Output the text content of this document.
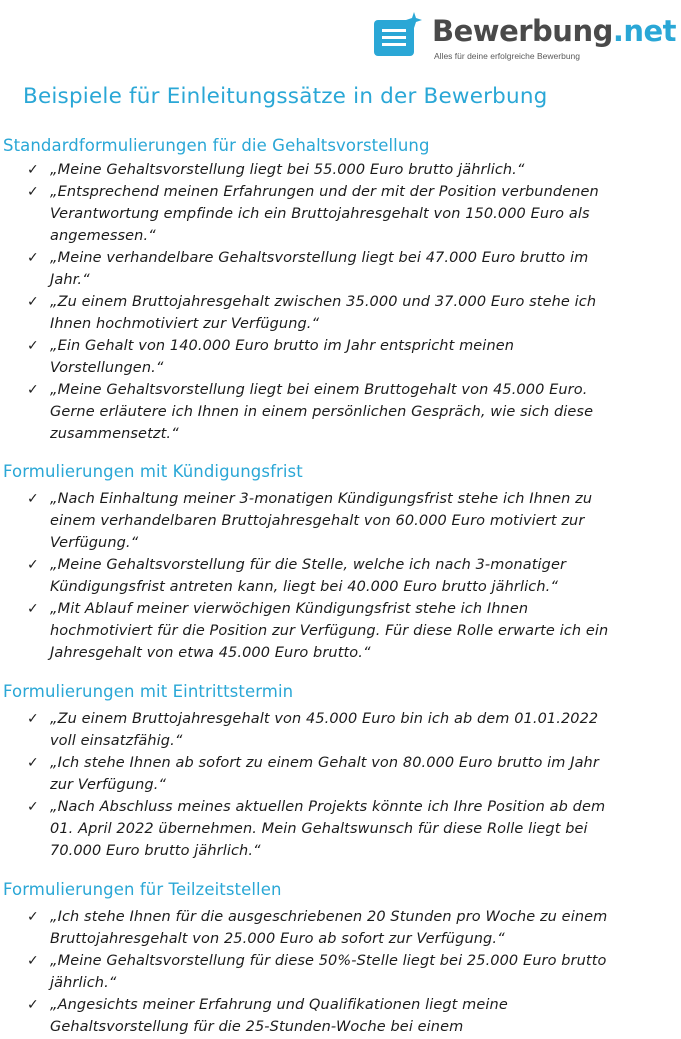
Bewerbung.net
Alles für deine erfolgreiche Bewerbung
Beispiele für Einleitungssätze in der Bewerbung
Standardformulierungen für die Gehaltsvorstellung
✓ „Meine Gehaltsvorstellung liegt bei 55.000 Euro brutto jährlich.“
✓ „Entsprechend meinen Erfahrungen und der mit der Position verbundenen Verantwortung empfinde ich ein Bruttojahresgehalt von 150.000 Euro als angemessen.“
✓ „Meine verhandelbare Gehaltsvorstellung liegt bei 47.000 Euro brutto im Jahr.“
✓ „Zu einem Bruttojahresgehalt zwischen 35.000 und 37.000 Euro stehe ich Ihnen hochmotiviert zur Verfügung.“
✓ „Ein Gehalt von 140.000 Euro brutto im Jahr entspricht meinen Vorstellungen.“
✓ „Meine Gehaltsvorstellung liegt bei einem Bruttogehalt von 45.000 Euro. Gerne erläutere ich Ihnen in einem persönlichen Gespräch, wie sich diese zusammensetzt.“
Formulierungen mit Kündigungsfrist
✓ „Nach Einhaltung meiner 3-monatigen Kündigungsfrist stehe ich Ihnen zu einem verhandelbaren Bruttojahresgehalt von 60.000 Euro motiviert zur Verfügung.“
✓ „Meine Gehaltsvorstellung für die Stelle, welche ich nach 3-monatiger Kündigungsfrist antreten kann, liegt bei 40.000 Euro brutto jährlich.“
✓ „Mit Ablauf meiner vierwöchigen Kündigungsfrist stehe ich Ihnen hochmotiviert für die Position zur Verfügung. Für diese Rolle erwarte ich ein Jahresgehalt von etwa 45.000 Euro brutto.“
Formulierungen mit Eintrittstermin
✓ „Zu einem Bruttojahresgehalt von 45.000 Euro bin ich ab dem 01.01.2022 voll einsatzfähig.“
✓ „Ich stehe Ihnen ab sofort zu einem Gehalt von 80.000 Euro brutto im Jahr zur Verfügung.“
✓ „Nach Abschluss meines aktuellen Projekts könnte ich Ihre Position ab dem 01. April 2022 übernehmen. Mein Gehaltswunsch für diese Rolle liegt bei 70.000 Euro brutto jährlich.“
Formulierungen für Teilzeitstellen
✓ „Ich stehe Ihnen für die ausgeschriebenen 20 Stunden pro Woche zu einem Bruttojahresgehalt von 25.000 Euro ab sofort zur Verfügung.“
✓ „Meine Gehaltsvorstellung für diese 50%-Stelle liegt bei 25.000 Euro brutto jährlich.“
✓ „Angesichts meiner Erfahrung und Qualifikationen liegt meine Gehaltsvorstellung für die 25-Stunden-Woche bei einem
